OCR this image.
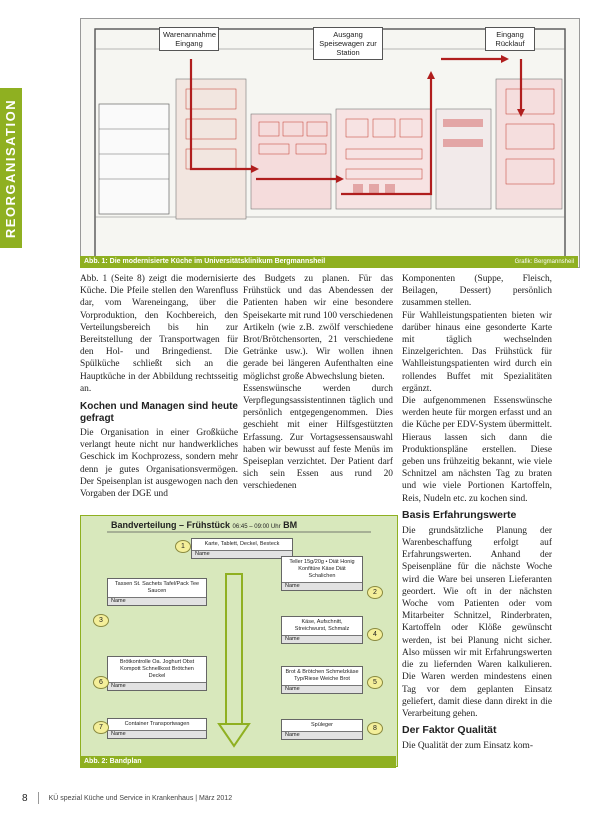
REORGANISATION
Warenannahme Eingang
Ausgang Speisewagen zur Station
Eingang Rücklauf
Abb. 1: Die modernisierte Küche im Universitätsklinikum Bergmannsheil	Grafik: Bergmannsheil

Abb. 1 (Seite 8) zeigt die modernisierte Küche. Die Pfeile stellen den Warenfluss dar, vom Wareneingang, über die Vorproduktion, den Kochbereich, den Verteilungsbereich bis hin zur Bereitstellung der Transportwagen für den Hol- und Bringedienst. Die Spülküche schließt sich an die Hauptküche in der Abbildung rechtsseitig an.

Kochen und Managen sind heute gefragt

Die Organisation in einer Großküche verlangt heute nicht nur handwerkliches Geschick im Kochprozess, sondern mehr denn je gutes Organisationsvermögen. Der Speisenplan ist ausgewogen nach den Vorgaben der DGE und

des Budgets zu planen. Für das Frühstück und das Abendessen der Patienten haben wir eine besondere Speisekarte mit rund 100 verschiedenen Artikeln (wie z.B. zwölf verschiedene Brot/Brötchensorten, 21 verschiedene Getränke usw.). Wir wollen ihnen gerade bei längeren Aufenthalten eine möglichst große Abwechslung bieten.

Essenswünsche werden durch Verpflegungsassistentinnen täglich und persönlich entgegengenommen. Dies geschieht mit einer Hilfsgestützten Erfassung. Zur Vortagsessensauswahl haben wir bewusst auf feste Menüs im Speiseplan verzichtet. Der Patient darf sich sein Essen aus rund 20 verschiedenen

Komponenten (Suppe, Fleisch, Beilagen, Dessert) persönlich zusammen stellen.

Für Wahlleistungspatienten bieten wir darüber hinaus eine gesonderte Karte mit täglich wechselnden Einzelgerichten. Das Frühstück für Wahlleistungspatienten wird durch ein rollendes Buffet mit Spezialitäten ergänzt.

Die aufgenommenen Essenswünsche werden heute für morgen erfasst und an die Küche per EDV-System übermittelt. Hieraus lassen sich dann die Produktionspläne erstellen. Diese geben uns frühzeitig bekannt, wie viele Schnitzel am nächsten Tag zu braten und wie viele Portionen Kartoffeln, Reis, Nudeln etc. zu kochen sind.

Basis Erfahrungswerte

Die grundsätzliche Planung der Warenbeschaffung erfolgt auf Erfahrungswerten. Anhand der Speisenpläne für die nächste Woche wird die Ware bei unseren Lieferanten geordert. Wie oft in der nächsten Woche vom Patienten oder vom Mitarbeiter Schnitzel, Rinderbraten, Kartoffeln oder Klöße gewünscht werden, ist bei Planung nicht sicher. Also müssen wir mit Erfahrungswerten die zu liefernden Waren kalkulieren. Die Waren werden mindestens einen Tag vor dem geplanten Einsatz geliefert, damit diese dann direkt in die Verarbeitung gehen.

Der Faktor Qualität

Die Qualität der zum Einsatz kom-

Bandverteilung – Frühstück 06:45 – 09:00 Uhr BM
Karte, Tablett, Deckel, Besteck
Name
Tassen St. Sachets Tafel/Pack Tee Saucen
Name
Teller 15g/20g • Diät Honig Konfitüre Käse Diät Schalichen
Name
Käse, Aufschnitt, Streichwurst, Schmalz
Name
Brötkontrolle Oa. Joghurt Obst Kompott Schnellkost Brötchen Deckel
Name
Brot & Brötchen Schmelzkäse Typ/Riese Weiche Brot
Name
Container Transportwagen
Name
Spüleger
Name
1
2
3
4
5
6
7	8
Abb. 2: Bandplan
8	KÜ spezial Küche und Service in Krankenhaus | März 2012
